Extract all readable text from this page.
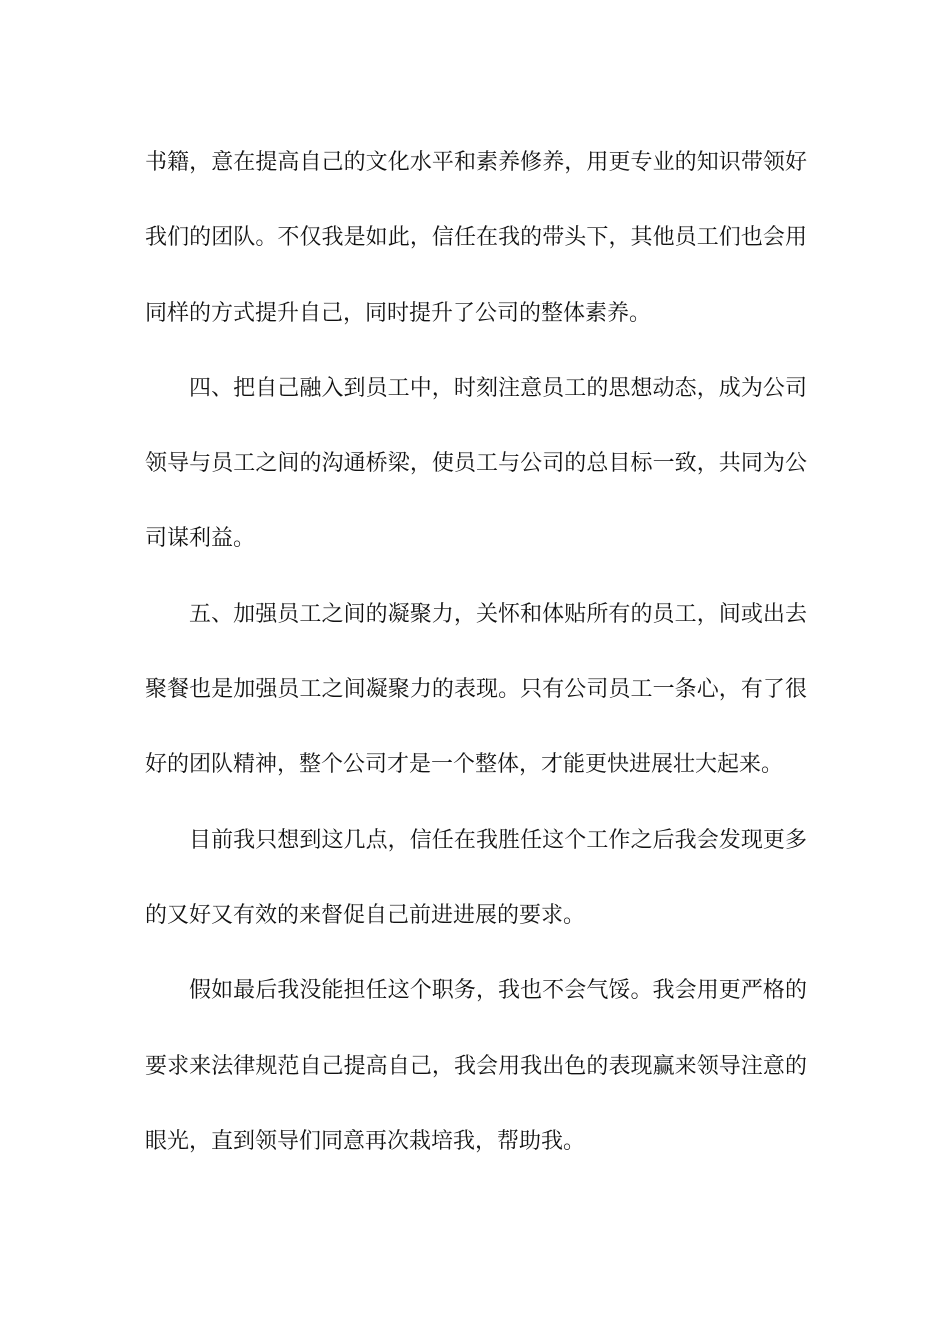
书籍，意在提高自己的文化水平和素养修养，用更专业的知识带领好我们的团队。不仅我是如此，信任在我的带头下，其他员工们也会用同样的方式提升自己，同时提升了公司的整体素养。

四、把自己融入到员工中，时刻注意员工的思想动态，成为公司领导与员工之间的沟通桥梁，使员工与公司的总目标一致，共同为公司谋利益。

五、加强员工之间的凝聚力，关怀和体贴所有的员工，间或出去聚餐也是加强员工之间凝聚力的表现。只有公司员工一条心，有了很好的团队精神，整个公司才是一个整体，才能更快进展壮大起来。

目前我只想到这几点，信任在我胜任这个工作之后我会发现更多的又好又有效的来督促自己前进进展的要求。

假如最后我没能担任这个职务，我也不会气馁。我会用更严格的要求来法律规范自己提高自己，我会用我出色的表现赢来领导注意的眼光，直到领导们同意再次栽培我，帮助我。
